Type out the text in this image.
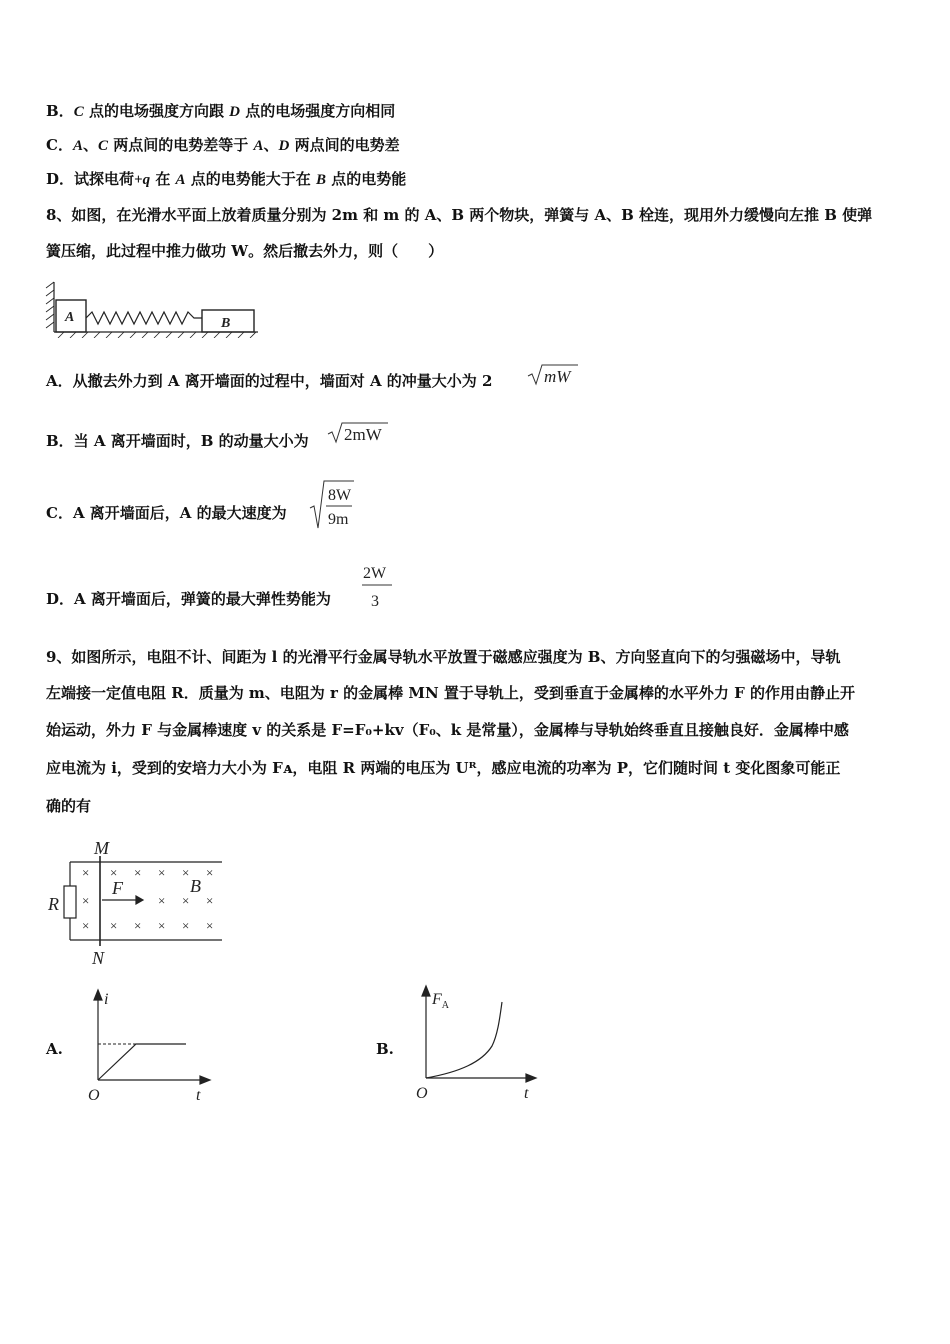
B．C 点的电场强度方向跟 D 点的电场强度方向相同
C．A、C 两点间的电势差等于 A、D 两点间的电势差
D．试探电荷+q 在 A 点的电势能大于在 B 点的电势能
8、如图，在光滑水平面上放着质量分别为 2m 和 m 的 A、B 两个物块，弹簧与 A、B 栓连，现用外力缓慢向左推 B 使弹
簧压缩，此过程中推力做功 W。然后撤去外力，则（　　）
A	B
A．从撤去外力到 A 离开墙面的过程中，墙面对 A 的冲量大小为 2	mW
B．当 A 离开墙面时，B 的动量大小为 2mW
C．A 离开墙面后，A 的最大速度为
8W
9m
D．A 离开墙面后，弹簧的最大弹性势能为
2W
3
9、如图所示，电阻不计、间距为 l 的光滑平行金属导轨水平放置于磁感应强度为 B、方向竖直向下的匀强磁场中，导轨
左端接一定值电阻 R．质量为 m、电阻为 r 的金属棒 MN 置于导轨上，受到垂直于金属棒的水平外力 F 的作用由静止开
始运动，外力 F 与金属棒速度 v 的关系是 F=F₀+kv（F₀、k 是常量），金属棒与导轨始终垂直且接触良好．金属棒中感
应电流为 i，受到的安培力大小为 Fᴀ，电阻 R 两端的电压为 Uᴿ，感应电流的功率为 P，它们随时间 t 变化图象可能正
确的有
× × × × × ×
×	× × ×
× × × × × ×
M
N
R
F	B
A.
i
t
O
B.
$F_A$
t
O
